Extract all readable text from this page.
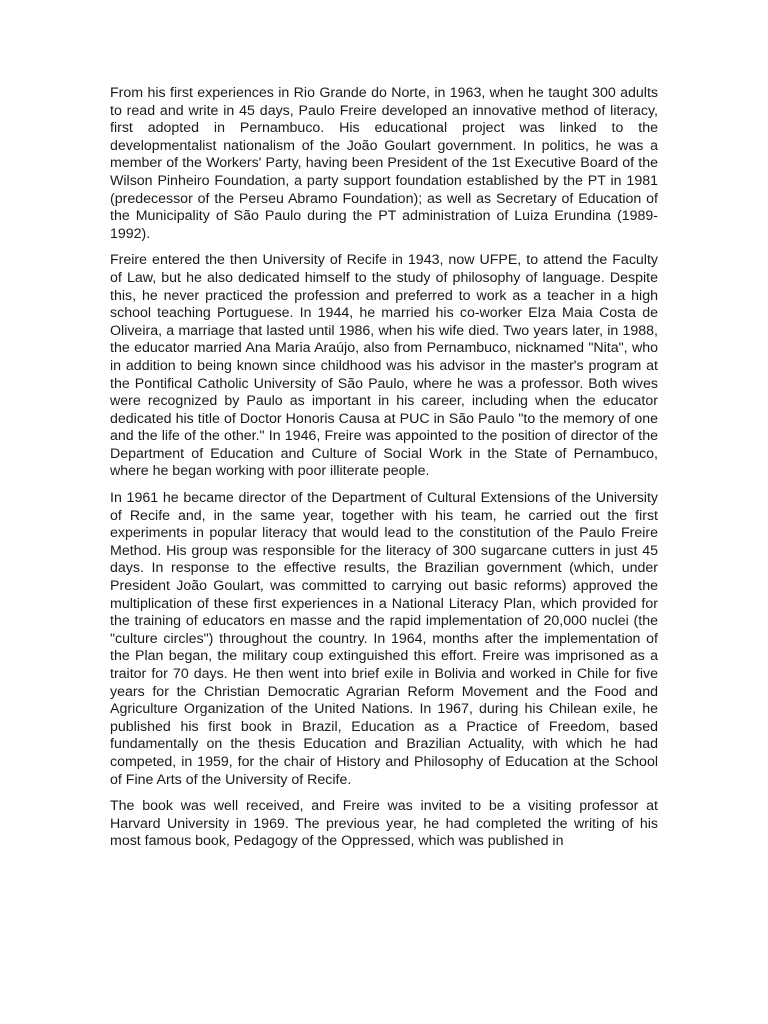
From his first experiences in Rio Grande do Norte, in 1963, when he taught 300 adults to read and write in 45 days, Paulo Freire developed an innovative method of literacy, first adopted in Pernambuco. His educational project was linked to the developmentalist nationalism of the João Goulart government. In politics, he was a member of the Workers' Party, having been President of the 1st Executive Board of the Wilson Pinheiro Foundation, a party support foundation established by the PT in 1981 (predecessor of the Perseu Abramo Foundation); as well as Secretary of Education of the Municipality of São Paulo during the PT administration of Luiza Erundina (1989-1992).

Freire entered the then University of Recife in 1943, now UFPE, to attend the Faculty of Law, but he also dedicated himself to the study of philosophy of language. Despite this, he never practiced the profession and preferred to work as a teacher in a high school teaching Portuguese. In 1944, he married his co-worker Elza Maia Costa de Oliveira, a marriage that lasted until 1986, when his wife died. Two years later, in 1988, the educator married Ana Maria Araújo, also from Pernambuco, nicknamed "Nita", who in addition to being known since childhood was his advisor in the master's program at the Pontifical Catholic University of São Paulo, where he was a professor. Both wives were recognized by Paulo as important in his career, including when the educator dedicated his title of Doctor Honoris Causa at PUC in São Paulo "to the memory of one and the life of the other." In 1946, Freire was appointed to the position of director of the Department of Education and Culture of Social Work in the State of Pernambuco, where he began working with poor illiterate people.

In 1961 he became director of the Department of Cultural Extensions of the University of Recife and, in the same year, together with his team, he carried out the first experiments in popular literacy that would lead to the constitution of the Paulo Freire Method. His group was responsible for the literacy of 300 sugarcane cutters in just 45 days. In response to the effective results, the Brazilian government (which, under President João Goulart, was committed to carrying out basic reforms) approved the multiplication of these first experiences in a National Literacy Plan, which provided for the training of educators en masse and the rapid implementation of 20,000 nuclei (the "culture circles") throughout the country. In 1964, months after the implementation of the Plan began, the military coup extinguished this effort. Freire was imprisoned as a traitor for 70 days. He then went into brief exile in Bolivia and worked in Chile for five years for the Christian Democratic Agrarian Reform Movement and the Food and Agriculture Organization of the United Nations. In 1967, during his Chilean exile, he published his first book in Brazil, Education as a Practice of Freedom, based fundamentally on the thesis Education and Brazilian Actuality, with which he had competed, in 1959, for the chair of History and Philosophy of Education at the School of Fine Arts of the University of Recife.

The book was well received, and Freire was invited to be a visiting professor at Harvard University in 1969. The previous year, he had completed the writing of his most famous book, Pedagogy of the Oppressed, which was published in
